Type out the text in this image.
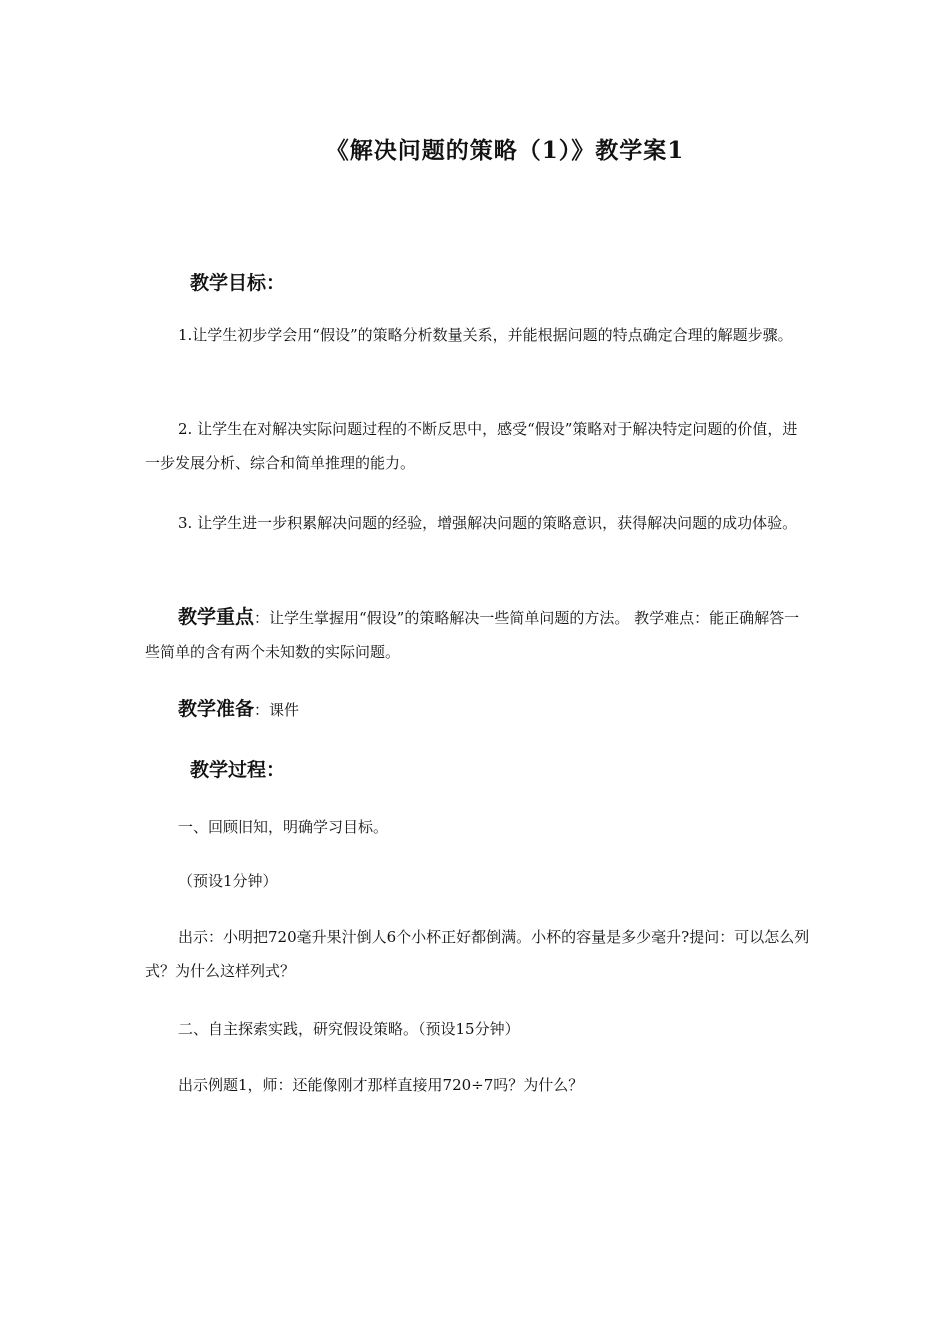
《解决问题的策略（1）》教学案1
教学目标：
1.让学生初步学会用“假设”的策略分析数量关系，并能根据问题的特点确定合理的解题步骤。
2. 让学生在对解决实际问题过程的不断反思中，感受“假设”策略对于解决特定问题的价值，进一步发展分析、综合和简单推理的能力。
3. 让学生进一步积累解决问题的经验，增强解决问题的策略意识，获得解决问题的成功体验。
教学重点：让学生掌握用“假设”的策略解决一些简单问题的方法。 教学难点：能正确解答一些简单的含有两个未知数的实际问题。
教学准备：课件
教学过程：
一、回顾旧知，明确学习目标。
（预设1分钟）
出示：小明把720毫升果汁倒人6个小杯正好都倒满。小杯的容量是多少毫升?提问：可以怎么列式？为什么这样列式？
二、自主探索实践，研究假设策略。（预设15分钟）
出示例题1，师：还能像刚才那样直接用720÷7吗？为什么？
